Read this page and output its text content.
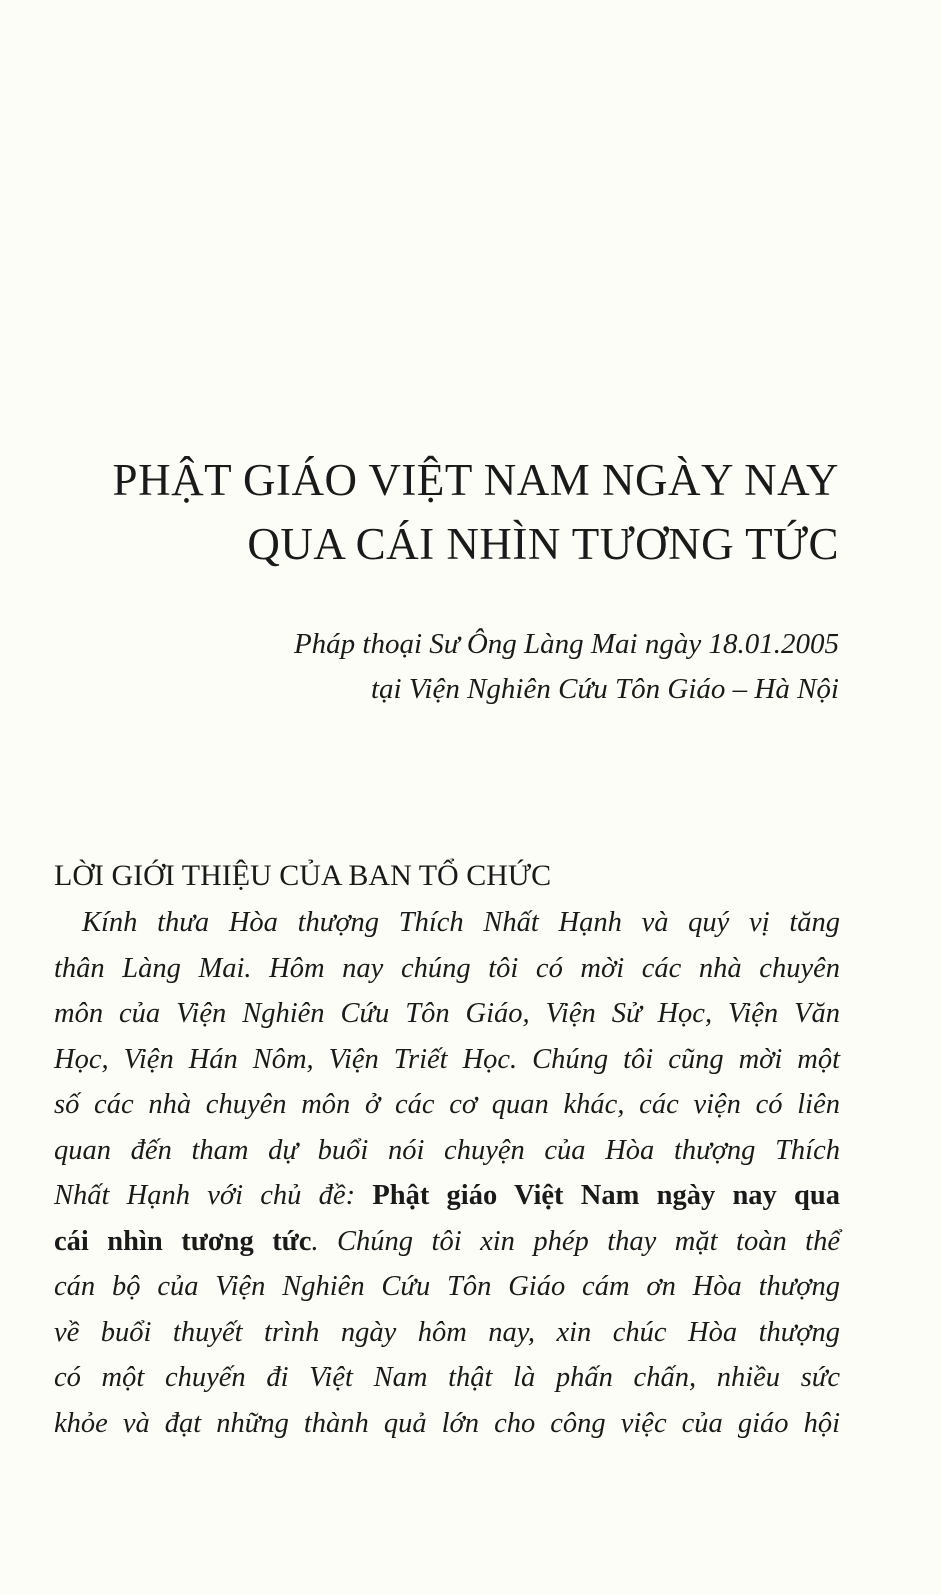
PHẬT GIÁO VIỆT NAM NGÀY NAY
QUA CÁI NHÌN TƯƠNG TỨC
Pháp thoại Sư Ông Làng Mai ngày 18.01.2005
tại Viện Nghiên Cứu Tôn Giáo – Hà Nội
LỜI GIỚI THIỆU CỦA BAN TỔ CHỨC
Kính thưa Hòa thượng Thích Nhất Hạnh và quý vị tăng
thân Làng Mai. Hôm nay chúng tôi có mời các nhà chuyên
môn của Viện Nghiên Cứu Tôn Giáo, Viện Sử Học, Viện Văn
Học, Viện Hán Nôm, Viện Triết Học. Chúng tôi cũng mời một
số các nhà chuyên môn ở các cơ quan khác, các viện có liên
quan đến tham dự buổi nói chuyện của Hòa thượng Thích
Nhất Hạnh với chủ đề: Phật giáo Việt Nam ngày nay qua
cái nhìn tương tức. Chúng tôi xin phép thay mặt toàn thể
cán bộ của Viện Nghiên Cứu Tôn Giáo cám ơn Hòa thượng
về buổi thuyết trình ngày hôm nay, xin chúc Hòa thượng
có một chuyến đi Việt Nam thật là phấn chấn, nhiều sức
khỏe và đạt những thành quả lớn cho công việc của giáo hội
